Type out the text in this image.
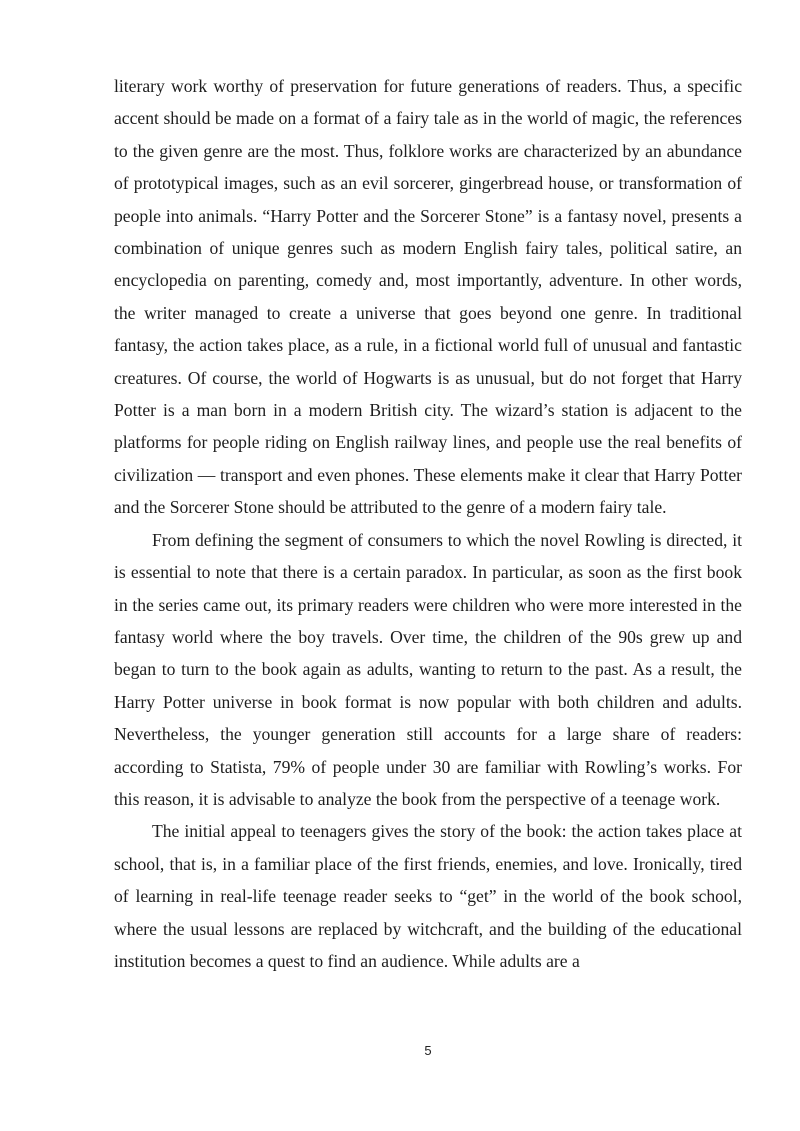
literary work worthy of preservation for future generations of readers. Thus, a specific accent should be made on a format of a fairy tale as in the world of magic, the references to the given genre are the most. Thus, folklore works are characterized by an abundance of prototypical images, such as an evil sorcerer, gingerbread house, or transformation of people into animals. “Harry Potter and the Sorcerer Stone” is a fantasy novel, presents a combination of unique genres such as modern English fairy tales, political satire, an encyclopedia on parenting, comedy and, most importantly, adventure. In other words, the writer managed to create a universe that goes beyond one genre. In traditional fantasy, the action takes place, as a rule, in a fictional world full of unusual and fantastic creatures. Of course, the world of Hogwarts is as unusual, but do not forget that Harry Potter is a man born in a modern British city. The wizard’s station is adjacent to the platforms for people riding on English railway lines, and people use the real benefits of civilization — transport and even phones. These elements make it clear that Harry Potter and the Sorcerer Stone should be attributed to the genre of a modern fairy tale.

From defining the segment of consumers to which the novel Rowling is directed, it is essential to note that there is a certain paradox. In particular, as soon as the first book in the series came out, its primary readers were children who were more interested in the fantasy world where the boy travels. Over time, the children of the 90s grew up and began to turn to the book again as adults, wanting to return to the past. As a result, the Harry Potter universe in book format is now popular with both children and adults. Nevertheless, the younger generation still accounts for a large share of readers: according to Statista, 79% of people under 30 are familiar with Rowling’s works. For this reason, it is advisable to analyze the book from the perspective of a teenage work.

The initial appeal to teenagers gives the story of the book: the action takes place at school, that is, in a familiar place of the first friends, enemies, and love. Ironically, tired of learning in real-life teenage reader seeks to “get” in the world of the book school, where the usual lessons are replaced by witchcraft, and the building of the educational institution becomes a quest to find an audience. While adults are a

5
